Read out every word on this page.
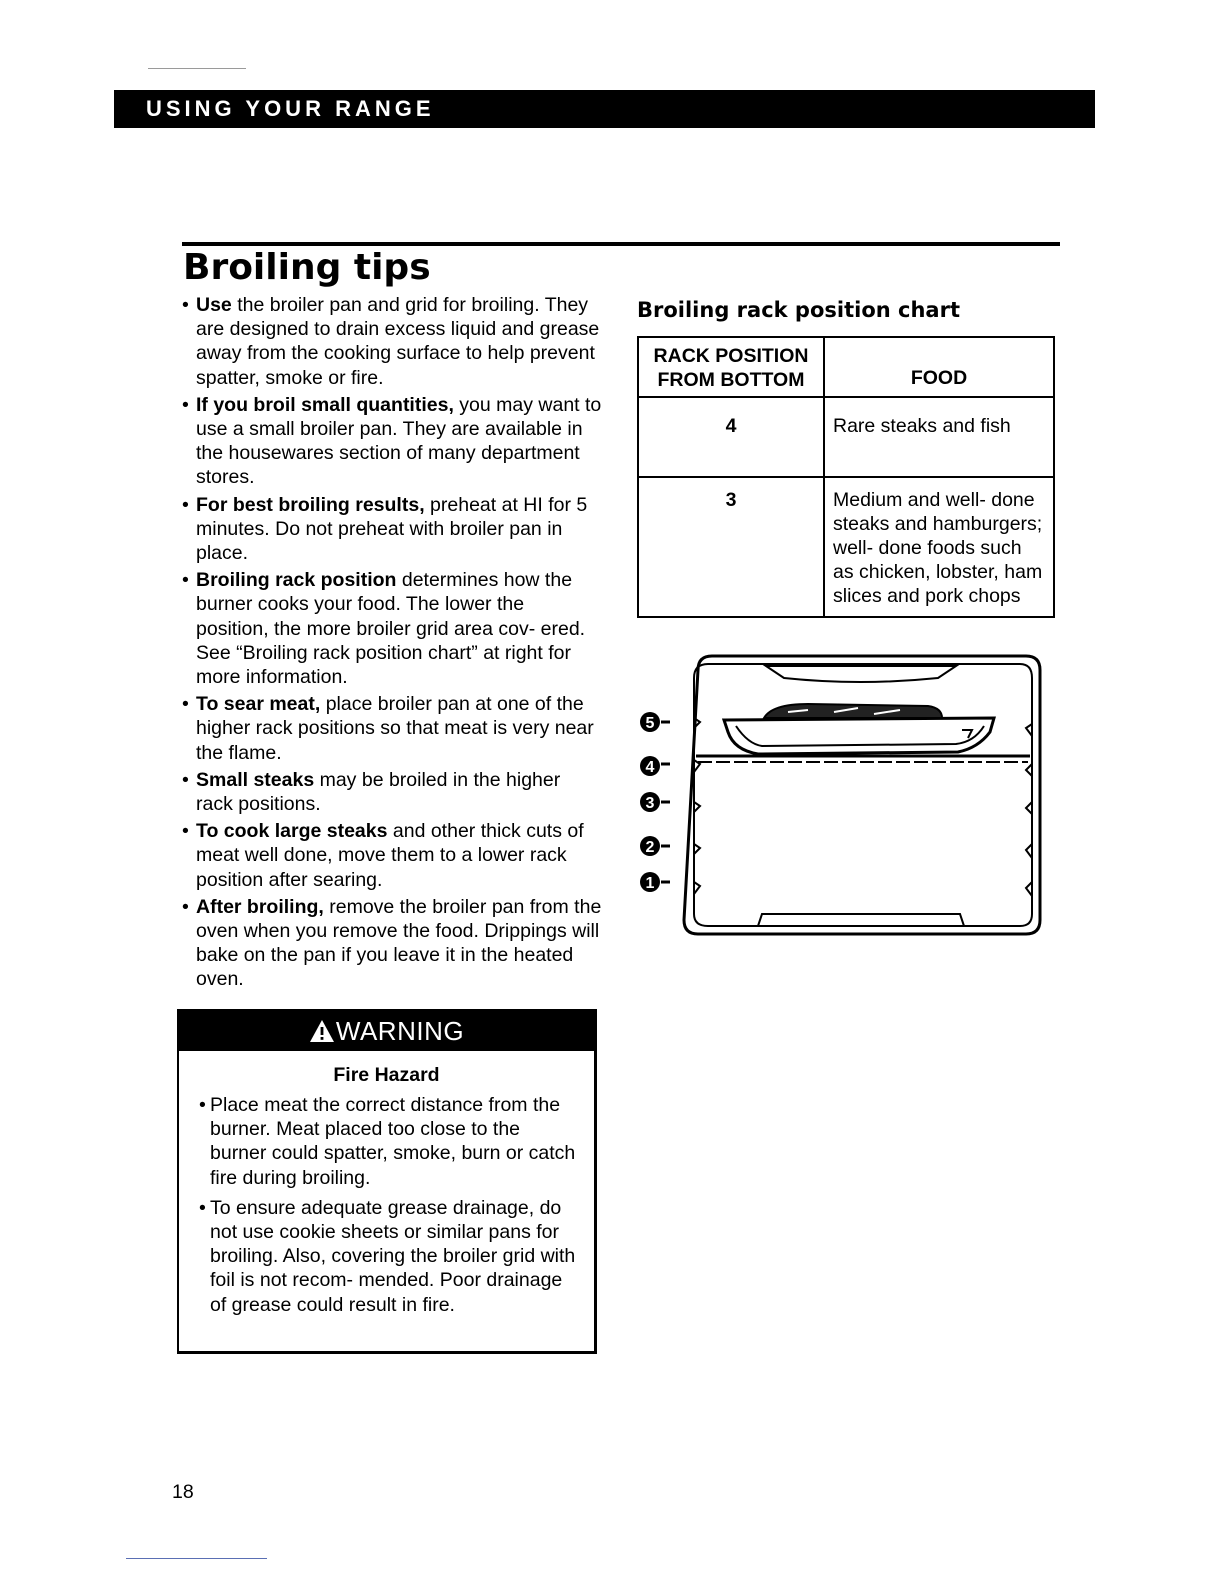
USING YOUR RANGE
Broiling tips
• Use the broiler pan and grid for broiling. They are designed to drain excess liquid and grease away from the cooking surface to help prevent spatter, smoke or fire.
• If you broil small quantities, you may want to use a small broiler pan. They are available in the housewares section of many department stores.
• For best broiling results, preheat at HI for 5 minutes. Do not preheat with broiler pan in place.
• Broiling rack position determines how the burner cooks your food. The lower the position, the more broiler grid area cov- ered. See “Broiling rack position chart” at right for more information.
• To sear meat, place broiler pan at one of the higher rack positions so that meat is very near the flame.
• Small steaks may be broiled in the higher rack positions.
• To cook large steaks and other thick cuts of meat well done, move them to a lower rack position after searing.
• After broiling, remove the broiler pan from the oven when you remove the food. Drippings will bake on the pan if you leave it in the heated oven.
WARNING
Fire Hazard
• Place meat the correct distance from the burner. Meat placed too close to the burner could spatter, smoke, burn or catch fire during broiling.
• To ensure adequate grease drainage, do not use cookie sheets or similar pans for broiling. Also, covering the broiler grid with foil is not recom- mended. Poor drainage of grease could result in fire.
Broiling rack position chart
RACK POSITION FROM BOTTOM	FOOD
4	Rare steaks and fish
3	Medium and well- done steaks and hamburgers; well- done foods such as chicken, lobster, ham slices and pork chops
5
4
3
2
1
18
